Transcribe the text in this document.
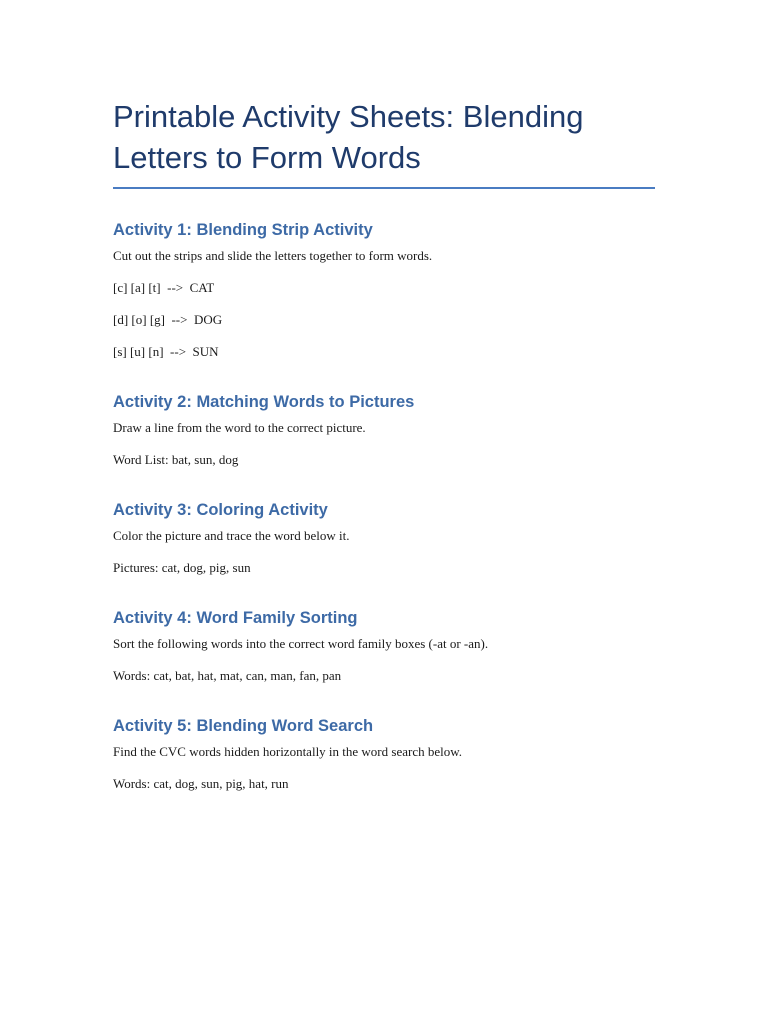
Printable Activity Sheets: Blending
Letters to Form Words
Activity 1: Blending Strip Activity

Cut out the strips and slide the letters together to form words.

[c] [a] [t]  -->  CAT

[d] [o] [g]  -->  DOG

[s] [u] [n]  -->  SUN

Activity 2: Matching Words to Pictures

Draw a line from the word to the correct picture.

Word List: bat, sun, dog

Activity 3: Coloring Activity

Color the picture and trace the word below it.

Pictures: cat, dog, pig, sun

Activity 4: Word Family Sorting

Sort the following words into the correct word family boxes (-at or -an).

Words: cat, bat, hat, mat, can, man, fan, pan

Activity 5: Blending Word Search

Find the CVC words hidden horizontally in the word search below.

Words: cat, dog, sun, pig, hat, run
